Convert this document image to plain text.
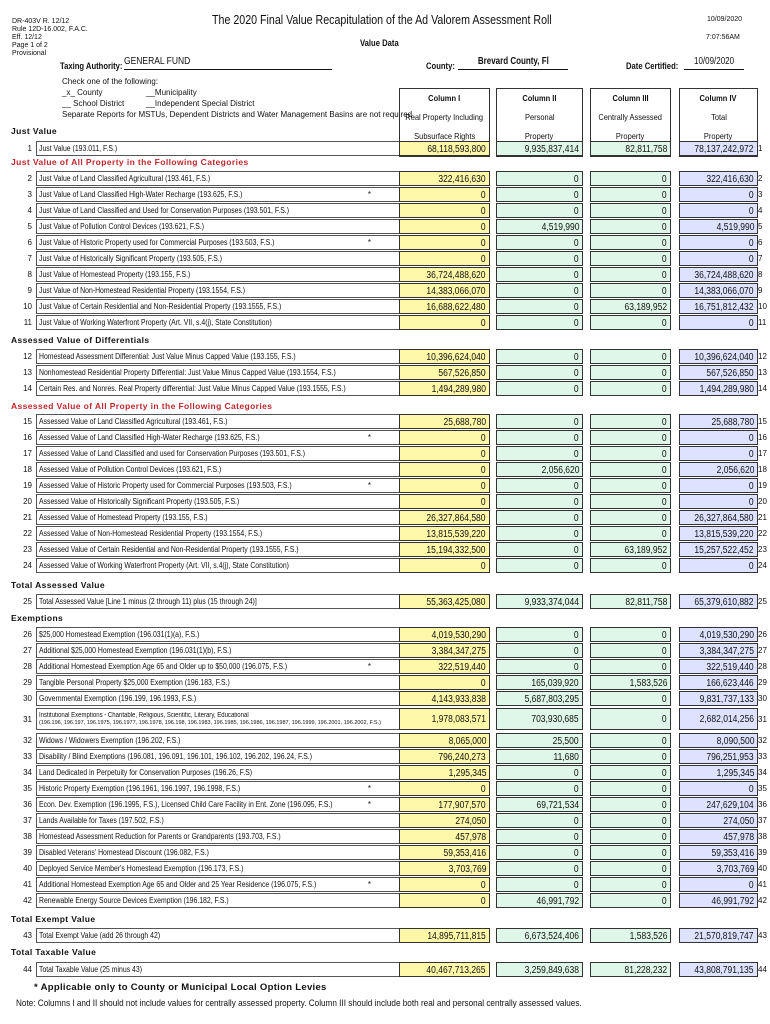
DR-403V R. 12/12
Rule 12D-16.002, F.A.C.
Eff. 12/12
Page 1 of 2
Provisional
The 2020 Final Value Recapitulation of the Ad Valorem Assessment Roll
Value Data
10/09/2020
7:07:56AM
Taxing Authority: GENERAL FUND	County:	Brevard County, Fl	Date Certified:	10/09/2020
Check one of the following:
_x_ County	__Municipality
__ School District	__Independent Special District
Separate Reports for MSTUs, Dependent Districts and Water Management Basins are not required
Column I
Real Property Including
Subsurface Rights
Column II
Personal
Property
Column III
Centrally Assessed
Property
Column IV
Total
Property
Just Value
Just Value of All Property in the Following Categories
Assessed Value of Differentials
Assessed Value of All Property in the Following Categories
Total Assessed Value
Exemptions
Total Exempt Value
Total Taxable Value
1 Just Value (193.011, F.S.)	68,118,593,800	9,935,837,414	82,811,758	78,137,242,972 1
2 Just Value of Land Classified Agricultural (193.461, F.S.)	322,416,630	0	0	322,416,630 2
3 Just Value of Land Classified High-Water Recharge (193.625, F.S.)	*	0	0	0	0 3
4 Just Value of Land Classified and Used for Conservation Purposes (193.501, F.S.)	0	0	0	0 4
5 Just Value of Pollution Control Devices (193.621, F.S.)	0	4,519,990	0	4,519,990 5
6 Just Value of Historic Property used for Commercial Purposes (193.503, F.S.)	*	0	0	0	0 6
7 Just Value of Historically Significant Property (193.505, F.S.)	0	0	0	0 7
8 Just Value of Homestead Property (193.155, F.S.)	36,724,488,620	0	0	36,724,488,620 8
9 Just Value of Non-Homestead Residential Property (193.1554, F.S.)	14,383,066,070	0	0	14,383,066,070 9
10 Just Value of Certain Residential and Non-Residential Property (193.1555, F.S.)	16,688,622,480	0	63,189,952	16,751,812,432 10
11 Just Value of Working Waterfront Property (Art. VII, s.4(j), State Constitution)	0	0	0	0 11
12 Homestead Assessment Differential: Just Value Minus Capped Value (193.155, F.S.)	10,396,624,040	0	0	10,396,624,040 12
13 Nonhomestead Residential Property Differential: Just Value Minus Capped Value (193.1554, F.S.)	567,526,850	0	0	567,526,850 13
14 Certain Res. and Nonres. Real Property differential: Just Value Minus Capped Value (193.1555, F.S.)	1,494,289,980	0	0	1,494,289,980 14
15 Assessed Value of Land Classified Agricultural (193.461, F.S.)	25,688,780	0	0	25,688,780 15
16 Assessed Value of Land Classified High-Water Recharge (193.625, F.S.)	*	0	0	0	0 16
17 Assessed Value of Land Classified and used for Conservation Purposes (193.501, F.S.)	0	0	0	0 17
18 Assessed Value of Pollution Control Devices (193.621, F.S.)	0	2,056,620	0	2,056,620 18
19 Assessed Value of Historic Property used for Commercial Purposes (193.503, F.S.)	*	0	0	0	0 19
20 Assessed Value of Historically Significant Property (193.505, F.S.)	0	0	0	0 20
21 Assessed Value of Homestead Property (193.155, F.S.)	26,327,864,580	0	0	26,327,864,580 21
22 Assessed Value of Non-Homestead Residential Property (193.1554, F.S.)	13,815,539,220	0	0	13,815,539,220 22
23 Assessed Value of Certain Residential and Non-Residential Property (193.1555, F.S.)	15,194,332,500	0	63,189,952	15,257,522,452 23
24 Assessed Value of Working Waterfront Property (Art. VII, s.4(j), State Constitution)	0	0	0	0 24
25 Total Assessed Value [Line 1 minus (2 through 11) plus (15 through 24)]	55,363,425,080	9,933,374,044	82,811,758	65,379,610,882 25
26 $25,000 Homestead Exemption (196.031(1)(a), F.S.)	4,019,530,290	0	0	4,019,530,290 26
27 Additional $25,000 Homestead Exemption (196.031(1)(b), F.S.)	3,384,347,275	0	0	3,384,347,275 27
28 Additional Homestead Exemption Age 65 and Older up to $50,000 (196.075, F.S.)	*	322,519,440	0	0	322,519,440 28
29 Tangible Personal Property $25,000 Exemption (196.183, F.S.)	0	165,039,920	1,583,526	166,623,446 29
30 Governmental Exemption (196.199, 196.1993, F.S.)	4,143,933,838	5,687,803,295	0	9,831,737,133 30
31	Institutional Exemptions - Charitable, Religious, Scientific, Literary, Educational
(196.196, 196.197, 196.1975, 196.1977, 196.1978, 196.198, 196.1983, 196.1985, 196.1986, 196.1987, 196.1999, 196.2001, 196.2002, F.S.)	1,978,083,571	703,930,685	0	2,682,014,256 31
32 Widows / Widowers Exemption (196.202, F.S.)	8,065,000	25,500	0	8,090,500 32
33 Disability / Blind Exemptions (196.081, 196.091, 196.101, 196.102, 196.202, 196.24, F.S.)	796,240,273	11,680	0	796,251,953 33
34 Land Dedicated in Perpetuity for Conservation Purposes (196.26, F.S)	1,295,345	0	0	1,295,345 34
35 Historic Property Exemption (196.1961, 196.1997, 196.1998, F.S.)	*	0	0	0	0 35
36 Econ. Dev. Exemption (196.1995, F.S.), Licensed Child Care Facility in Ent. Zone (196.095, F.S.)	*	177,907,570	69,721,534	0	247,629,104 36
37 Lands Available for Taxes (197.502, F.S.)	274,050	0	0	274,050 37
38 Homestead Assessment Reduction for Parents or Grandparents (193.703, F.S.)	457,978	0	0	457,978 38
39 Disabled Veterans' Homestead Discount (196.082, F.S.)	59,353,416	0	0	59,353,416 39
40 Deployed Service Member's Homestead Exemption (196.173, F.S.)	3,703,769	0	0	3,703,769 40
41 Additional Homestead Exemption Age 65 and Older and 25 Year Residence (196.075, F.S.)	*	0	0	0	0 41
42 Renewable Energy Source Devices Exemption (196.182, F.S.)	0	46,991,792	0	46,991,792 42
43 Total Exempt Value (add 26 through 42)	14,895,711,815	6,673,524,406	1,583,526	21,570,819,747 43
44 Total Taxable Value (25 minus 43)	40,467,713,265	3,259,849,638	81,228,232	43,808,791,135 44
* Applicable only to County or Municipal Local Option Levies
Note: Columns I and II should not include values for centrally assessed property. Column III should include both real and personal centrally assessed values.
